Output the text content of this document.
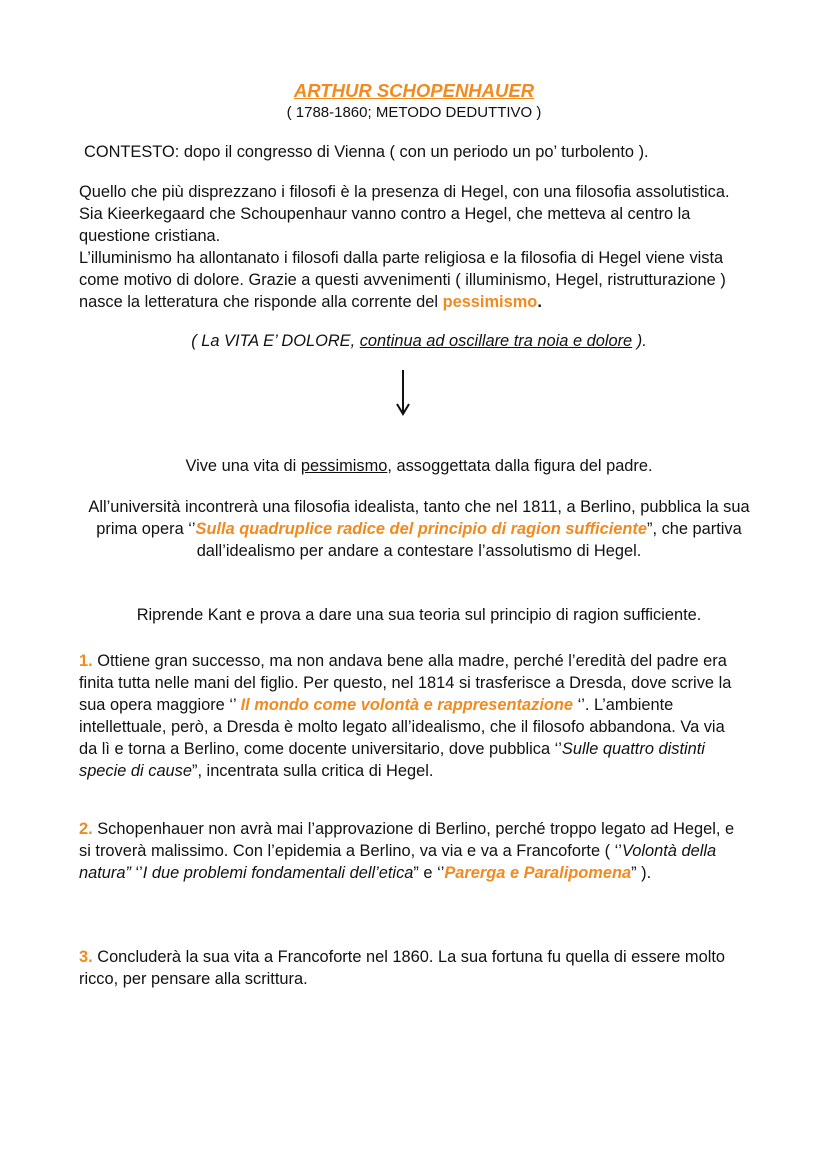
ARTHUR SCHOPENHAUER
( 1788-1860; METODO DEDUTTIVO )
CONTESTO: dopo il congresso di Vienna ( con un periodo un po’ turbolento ).
Quello che più disprezzano i filosofi è la presenza di Hegel, con una filosofia assolutistica. Sia Kieerkegaard che Schoupenhaur vanno contro a Hegel, che metteva al centro la questione cristiana.
L’illuminismo ha allontanato i filosofi dalla parte religiosa e la filosofia di Hegel viene vista come motivo di dolore. Grazie a questi avvenimenti ( illuminismo, Hegel, ristrutturazione ) nasce la letteratura che risponde alla corrente del pessimismo.
( La VITA E’ DOLORE, continua ad oscillare tra noia e dolore ).
Vive una vita di pessimismo, assoggettata dalla figura del padre.
All’università incontrerà una filosofia idealista, tanto che nel 1811, a Berlino, pubblica la sua prima opera ‘’Sulla quadruplice radice del principio di ragion sufficiente”, che partiva dall’idealismo per andare a contestare l’assolutismo di Hegel.
Riprende Kant e prova a dare una sua teoria sul principio di ragion sufficiente.
1. Ottiene gran successo, ma non andava bene alla madre, perché l’eredità del padre era finita tutta nelle mani del figlio. Per questo, nel 1814 si trasferisce a Dresda, dove scrive la sua opera maggiore ‘’ Il mondo come volontà e rappresentazione ‘’. L’ambiente intellettuale, però, a Dresda è molto legato all’idealismo, che il filosofo abbandona. Va via da lì e torna a Berlino, come docente universitario, dove pubblica ‘’Sulle quattro distinti specie di cause”, incentrata sulla critica di Hegel.
2. Schopenhauer non avrà mai l’approvazione di Berlino, perché troppo legato ad Hegel, e si troverà malissimo. Con l’epidemia a Berlino, va via e va a Francoforte ( ‘’Volontà della natura” ‘’I due problemi fondamentali dell’etica” e ‘’Parerga e Paralipomena” ).
3. Concluderà la sua vita a Francoforte nel 1860. La sua fortuna fu quella di essere molto ricco, per pensare alla scrittura.
